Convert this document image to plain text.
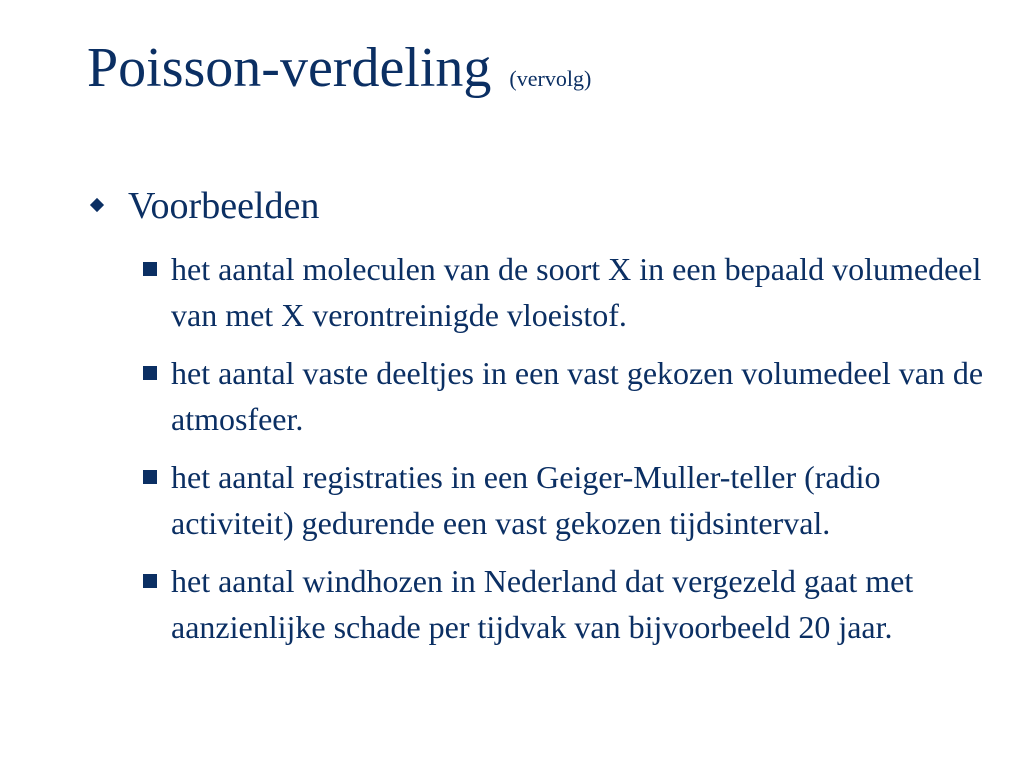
Poisson-verdeling (vervolg)
Voorbeelden
het aantal moleculen van de soort X in een bepaald volumedeel van met X verontreinigde vloeistof.
het aantal vaste deeltjes in een vast gekozen volumedeel van de atmosfeer.
het aantal registraties in een Geiger-Muller-teller (radio activiteit) gedurende een vast gekozen tijdsinterval.
het aantal windhozen in Nederland dat vergezeld gaat met aanzienlijke schade per tijdvak van bijvoorbeeld 20 jaar.
